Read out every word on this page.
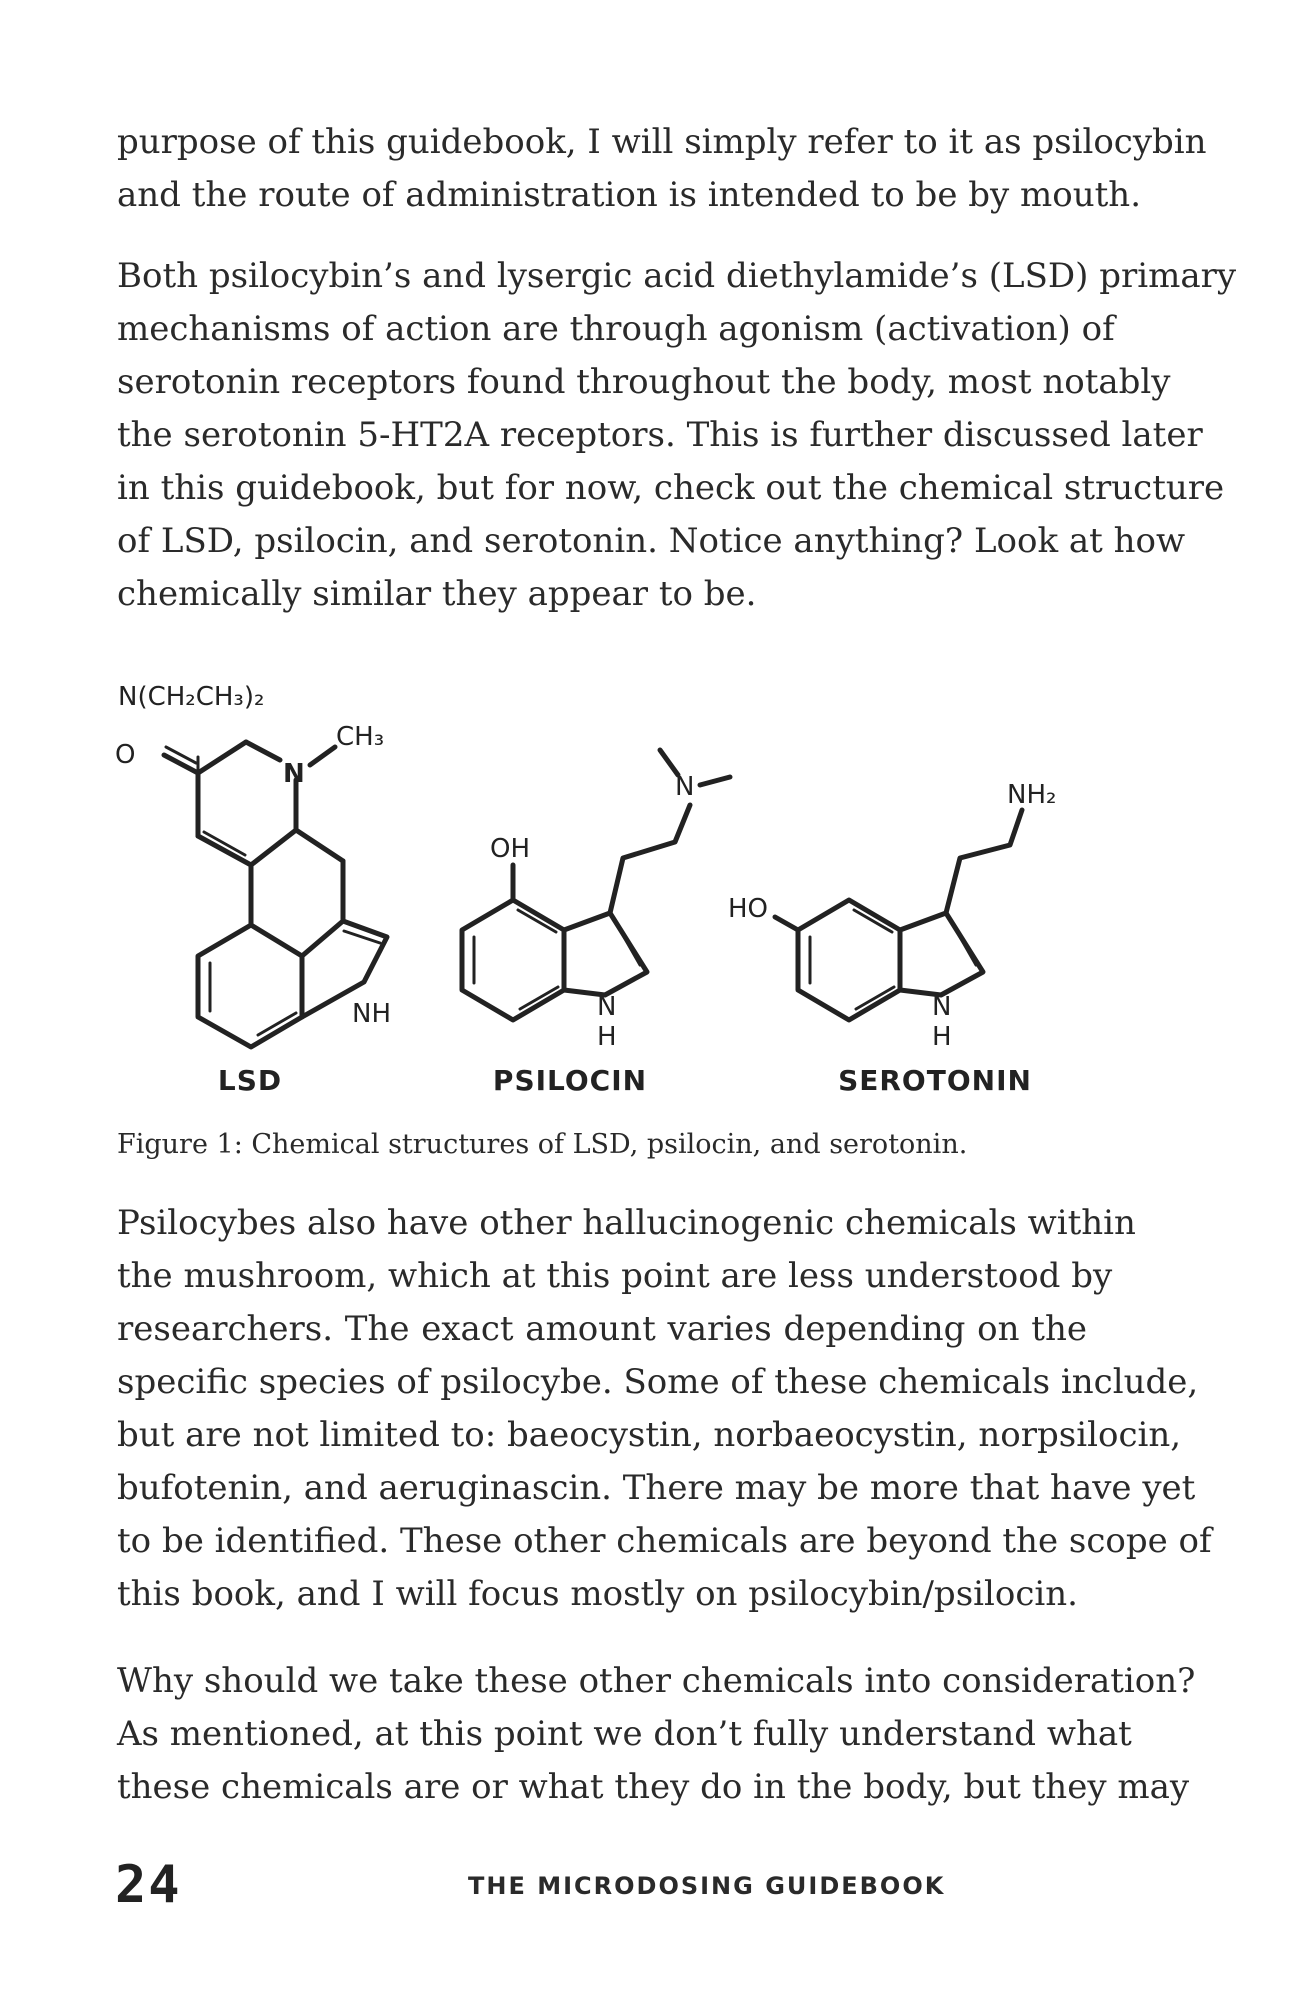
purpose of this guidebook, I will simply refer to it as psilocybin
and the route of administration is intended to be by mouth.

Both psilocybin’s and lysergic acid diethylamide’s (LSD) primary
mechanisms of action are through agonism (activation) of
serotonin receptors found throughout the body, most notably
the serotonin 5-HT2A receptors. This is further discussed later
in this guidebook, but for now, check out the chemical structure
of LSD, psilocin, and serotonin. Notice anything? Look at how
chemically similar they appear to be.

N(CH₂CH₃)₂
O
N
CH₃
NH
LSD
OH
N
N
H
PSILOCIN
HO
NH₂
N
H
SEROTONIN

Figure 1: Chemical structures of LSD, psilocin, and serotonin.

Psilocybes also have other hallucinogenic chemicals within
the mushroom, which at this point are less understood by
researchers. The exact amount varies depending on the
specific species of psilocybe. Some of these chemicals include,
but are not limited to: baeocystin, norbaeocystin, norpsilocin,
bufotenin, and aeruginascin. There may be more that have yet
to be identified. These other chemicals are beyond the scope of
this book, and I will focus mostly on psilocybin/psilocin.

Why should we take these other chemicals into consideration?
As mentioned, at this point we don’t fully understand what
these chemicals are or what they do in the body, but they may

24	THE MICRODOSING GUIDEBOOK
